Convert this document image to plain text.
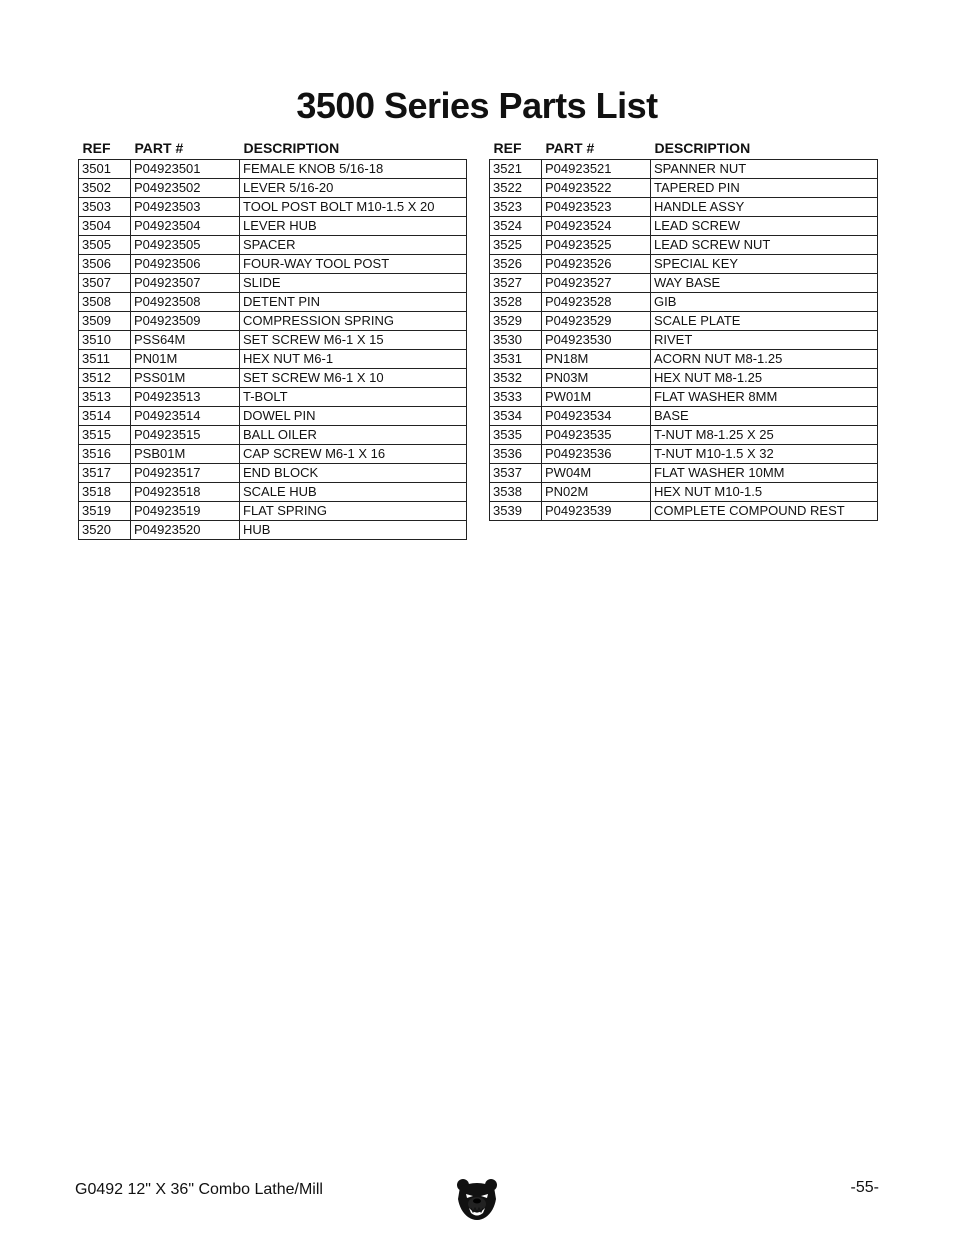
3500 Series Parts List
REF	PART #	DESCRIPTION
3501	P04923501	FEMALE KNOB 5/16-18
3502	P04923502	LEVER 5/16-20
3503	P04923503	TOOL POST BOLT M10-1.5 X 20
3504	P04923504	LEVER HUB
3505	P04923505	SPACER
3506	P04923506	FOUR-WAY TOOL POST
3507	P04923507	SLIDE
3508	P04923508	DETENT PIN
3509	P04923509	COMPRESSION SPRING
3510	PSS64M	SET SCREW M6-1 X 15
3511	PN01M	HEX NUT M6-1
3512	PSS01M	SET SCREW M6-1 X 10
3513	P04923513	T-BOLT
3514	P04923514	DOWEL PIN
3515	P04923515	BALL OILER
3516	PSB01M	CAP SCREW M6-1 X 16
3517	P04923517	END BLOCK
3518	P04923518	SCALE HUB
3519	P04923519	FLAT SPRING
3520	P04923520	HUB
REF	PART #	DESCRIPTION
3521	P04923521	SPANNER NUT
3522	P04923522	TAPERED PIN
3523	P04923523	HANDLE ASSY
3524	P04923524	LEAD SCREW
3525	P04923525	LEAD SCREW NUT
3526	P04923526	SPECIAL KEY
3527	P04923527	WAY BASE
3528	P04923528	GIB
3529	P04923529	SCALE PLATE
3530	P04923530	RIVET
3531	PN18M	ACORN NUT M8-1.25
3532	PN03M	HEX NUT M8-1.25
3533	PW01M	FLAT WASHER 8MM
3534	P04923534	BASE
3535	P04923535	T-NUT M8-1.25 X 25
3536	P04923536	T-NUT M10-1.5 X 32
3537	PW04M	FLAT WASHER 10MM
3538	PN02M	HEX NUT M10-1.5
3539	P04923539	COMPLETE COMPOUND REST
G0492 12" X 36" Combo Lathe/Mill	-55-
